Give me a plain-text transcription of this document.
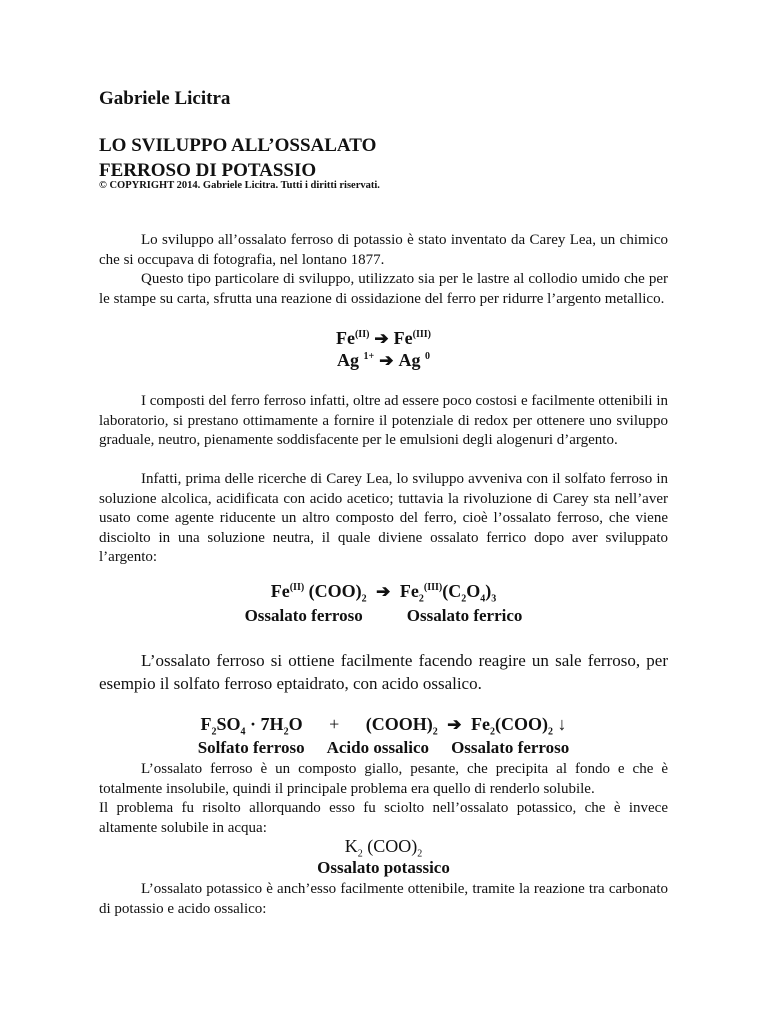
Gabriele Licitra
LO SVILUPPO ALL’OSSALATO
FERROSO DI POTASSIO
© COPYRIGHT 2014. Gabriele Licitra. Tutti i diritti riservati.

Lo sviluppo all’ossalato ferroso di potassio è stato inventato da Carey Lea, un chimico che si occupava di fotografia, nel lontano 1877.

Questo tipo particolare di sviluppo, utilizzato sia per le lastre al collodio umido che per le stampe su carta, sfrutta una reazione di ossidazione del ferro per ridurre l’argento metallico.

$Fe^{(II)}$ ➔ $Fe^{(III)}$
Ag $^{1+}$ ➔ Ag $^0$

I composti del ferro ferroso infatti, oltre ad essere poco costosi e facilmente ottenibili in laboratorio, si prestano ottimamente a fornire il potenziale di redox per ottenere uno sviluppo graduale, neutro, pienamente soddisfacente per le emulsioni degli alogenuri d’argento.

Infatti, prima delle ricerche di Carey Lea, lo sviluppo avveniva con il solfato ferroso in soluzione alcolica, acidificata con acido acetico; tuttavia la rivoluzione di Carey sta nell’aver usato come agente riducente un altro composto del ferro, cioè l’ossalato ferroso, che viene disciolto in una soluzione neutra, il quale diviene ossalato ferrico dopo aver sviluppato l’argento:

$Fe^{(II)}$ $(COO)_2$ ➔ $Fe_2^{(III)}(C_2O_4)_3$
Ossalato ferroso	Ossalato ferrico

L’ossalato ferroso si ottiene facilmente facendo reagire un sale ferroso, per esempio il solfato ferroso eptaidrato, con acido ossalico.

$F_2SO_4 \cdot 7H_2O$ + $(COOH)_2$ ➔ $Fe_2(COO)_2$ ↓
Solfato ferroso Acido ossalico Ossalato ferroso

L’ossalato ferroso è un composto giallo, pesante, che precipita al fondo e che è totalmente insolubile, quindi il principale problema era quello di renderlo solubile.

Il problema fu risolto allorquando esso fu sciolto nell’ossalato potassico, che è invece altamente solubile in acqua:

$K_2$ $(COO)_2$
Ossalato potassico

L’ossalato potassico è anch’esso facilmente ottenibile, tramite la reazione tra carbonato di potassio e acido ossalico:
